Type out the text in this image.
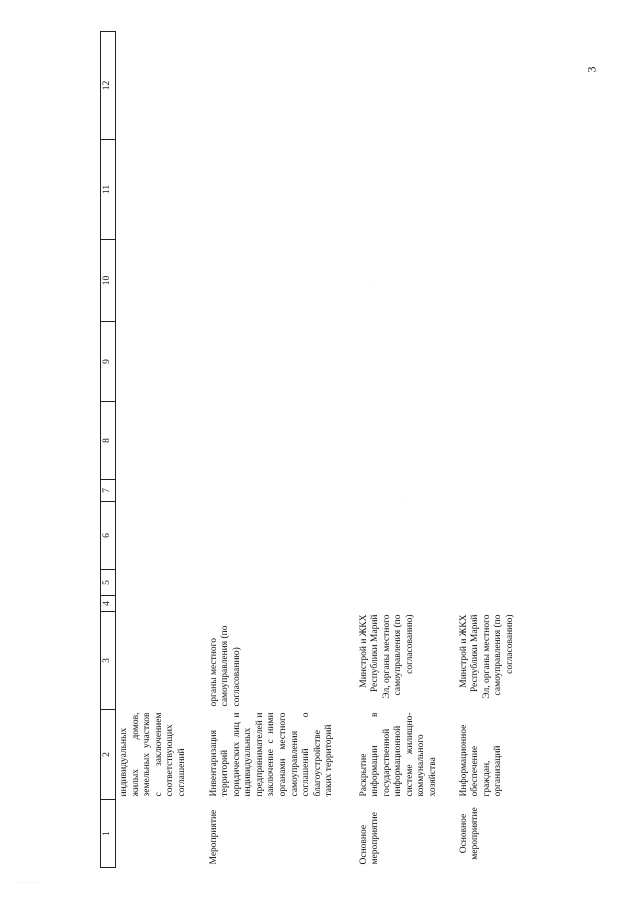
3
1	2	3	4	5	6	7	8	9	10	11	12
	индивидуальных жилых домов, земельных участков с заключением соответствующих соглашений										
Мероприятие	Инвентаризация территорий юридических лиц и индивидуальных предпринимателей и заключение с ними органами местного самоуправления соглашений о благоустройстве таких территорий	органы местного самоуправления (по согласованию)									
Основное мероприятие	Раскрытие информации в государственной информационной системе жилищно-коммунального хозяйства	Минстрой и ЖКХ Республики Марий Эл, органы местного самоуправления (по согласованию)									
Основное мероприятие	Информационное обеспечение граждан, организаций	Минстрой и ЖКХ Республики Марий Эл, органы местного самоуправления (по согласованию)									
· · · · · ·
·
·
